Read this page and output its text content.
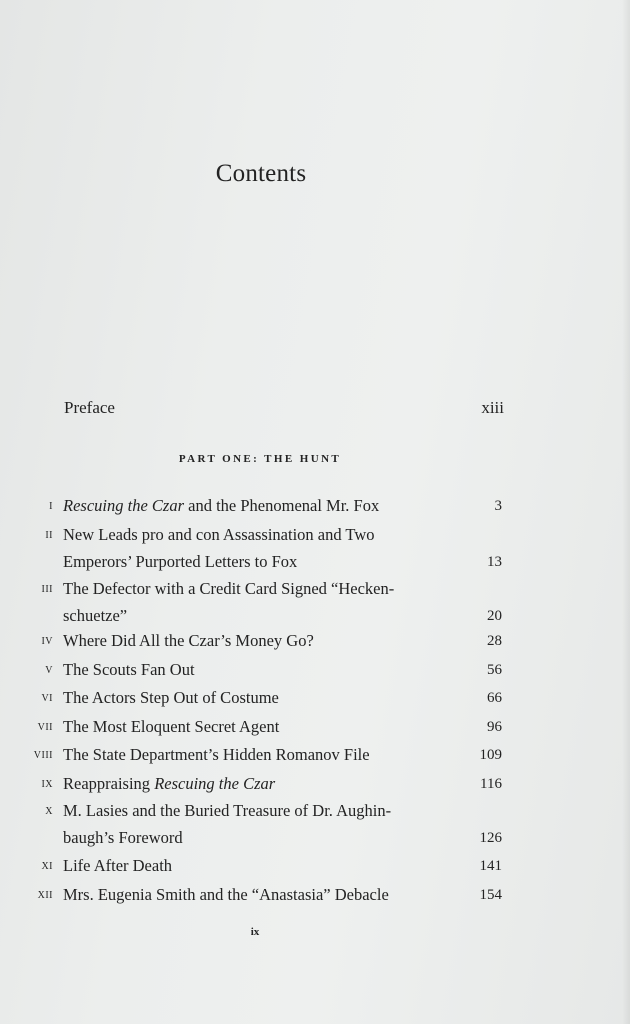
Contents
Preface	xiii
PART ONE: THE HUNT
I Rescuing the Czar and the Phenomenal Mr. Fox	3
II New Leads pro and con Assassination and Two
Emperors’ Purported Letters to Fox	13
III The Defector with a Credit Card Signed “Hecken-
schuetze”	20
IV Where Did All the Czar’s Money Go?	28
V The Scouts Fan Out	56
VI The Actors Step Out of Costume	66
VII The Most Eloquent Secret Agent	96
VIII The State Department’s Hidden Romanov File	109
IX Reappraising Rescuing the Czar	116
X M. Lasies and the Buried Treasure of Dr. Aughin-
baugh’s Foreword	126
XI Life After Death	141
XII Mrs. Eugenia Smith and the “Anastasia” Debacle	154
ix
